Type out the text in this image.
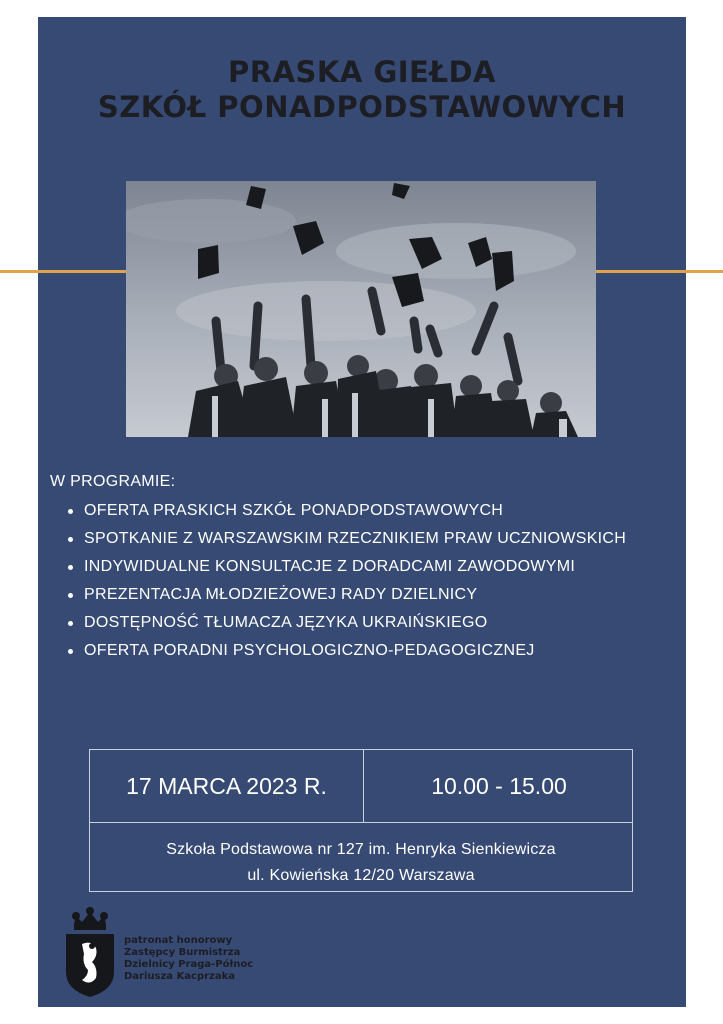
PRASKA GIEŁDA
SZKÓŁ PONADPODSTAWOWYCH
W PROGRAMIE:
OFERTA PRASKICH SZKÓŁ PONADPODSTAWOWYCH
SPOTKANIE Z WARSZAWSKIM RZECZNIKIEM PRAW UCZNIOWSKICH
INDYWIDUALNE KONSULTACJE Z DORADCAMI ZAWODOWYMI
PREZENTACJA MŁODZIEŻOWEJ RADY DZIELNICY
DOSTĘPNOŚĆ TŁUMACZA JĘZYKA UKRAIŃSKIEGO
OFERTA PORADNI PSYCHOLOGICZNO-PEDAGOGICZNEJ
17 MARCA 2023 R.	10.00 - 15.00
Szkoła Podstawowa nr 127 im. Henryka Sienkiewicza
ul. Kowieńska 12/20 Warszawa
patronat honorowy
Zastępcy Burmistrza
Dzielnicy Praga-Północ
Dariusza Kacprzaka
